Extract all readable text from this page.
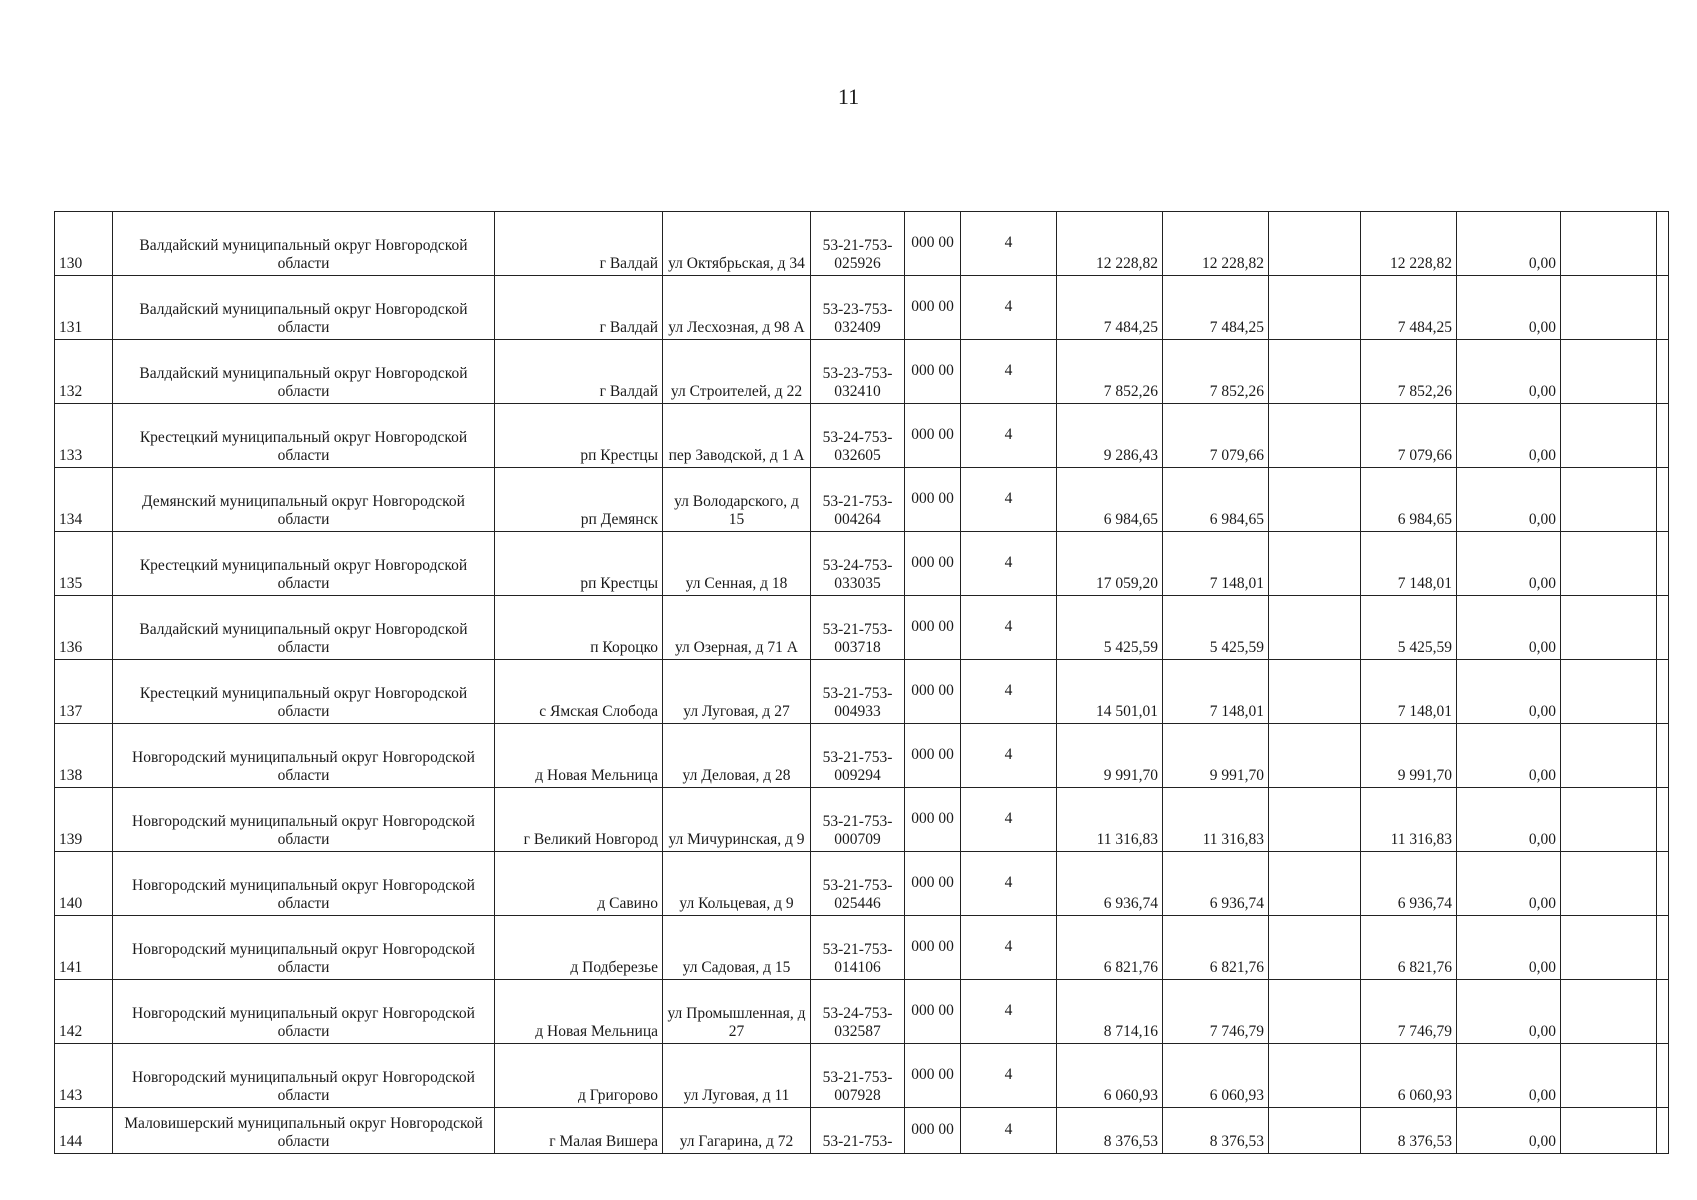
11
130	Валдайский муниципальный округ Новгородской области	г Валдай	ул Октябрьская, д 34	53-21-753-025926	000 00	4	12 228,82	12 228,82		12 228,82	0,00		
131	Валдайский муниципальный округ Новгородской области	г Валдай	ул Лесхозная, д 98 А	53-23-753-032409	000 00	4	7 484,25	7 484,25		7 484,25	0,00		
132	Валдайский муниципальный округ Новгородской области	г Валдай	ул Строителей, д 22	53-23-753-032410	000 00	4	7 852,26	7 852,26		7 852,26	0,00		
133	Крестецкий муниципальный округ Новгородской области	рп Крестцы	пер Заводской, д 1 А	53-24-753-032605	000 00	4	9 286,43	7 079,66		7 079,66	0,00		
134	Демянский муниципальный округ Новгородской области	рп Демянск	ул Володарского, д 15	53-21-753-004264	000 00	4	6 984,65	6 984,65		6 984,65	0,00		
135	Крестецкий муниципальный округ Новгородской области	рп Крестцы	ул Сенная, д 18	53-24-753-033035	000 00	4	17 059,20	7 148,01		7 148,01	0,00		
136	Валдайский муниципальный округ Новгородской области	п Короцко	ул Озерная, д 71 А	53-21-753-003718	000 00	4	5 425,59	5 425,59		5 425,59	0,00		
137	Крестецкий муниципальный округ Новгородской области	с Ямская Слобода	ул Луговая, д 27	53-21-753-004933	000 00	4	14 501,01	7 148,01		7 148,01	0,00		
138	Новгородский муниципальный округ Новгородской области	д Новая Мельница	ул Деловая, д 28	53-21-753-009294	000 00	4	9 991,70	9 991,70		9 991,70	0,00		
139	Новгородский муниципальный округ Новгородской области	г Великий Новгород	ул Мичуринская, д 9	53-21-753-000709	000 00	4	11 316,83	11 316,83		11 316,83	0,00		
140	Новгородский муниципальный округ Новгородской области	д Савино	ул Кольцевая, д 9	53-21-753-025446	000 00	4	6 936,74	6 936,74		6 936,74	0,00		
141	Новгородский муниципальный округ Новгородской области	д Подберезье	ул Садовая, д 15	53-21-753-014106	000 00	4	6 821,76	6 821,76		6 821,76	0,00		
142	Новгородский муниципальный округ Новгородской области	д Новая Мельница	ул Промышленная, д 27	53-24-753-032587	000 00	4	8 714,16	7 746,79		7 746,79	0,00		
143	Новгородский муниципальный округ Новгородской области	д Григорово	ул Луговая, д 11	53-21-753-007928	000 00	4	6 060,93	6 060,93		6 060,93	0,00		
144	Маловишерский муниципальный округ Новгородской области	г Малая Вишера	ул Гагарина, д 72	53-21-753-	000 00	4	8 376,53	8 376,53		8 376,53	0,00		
